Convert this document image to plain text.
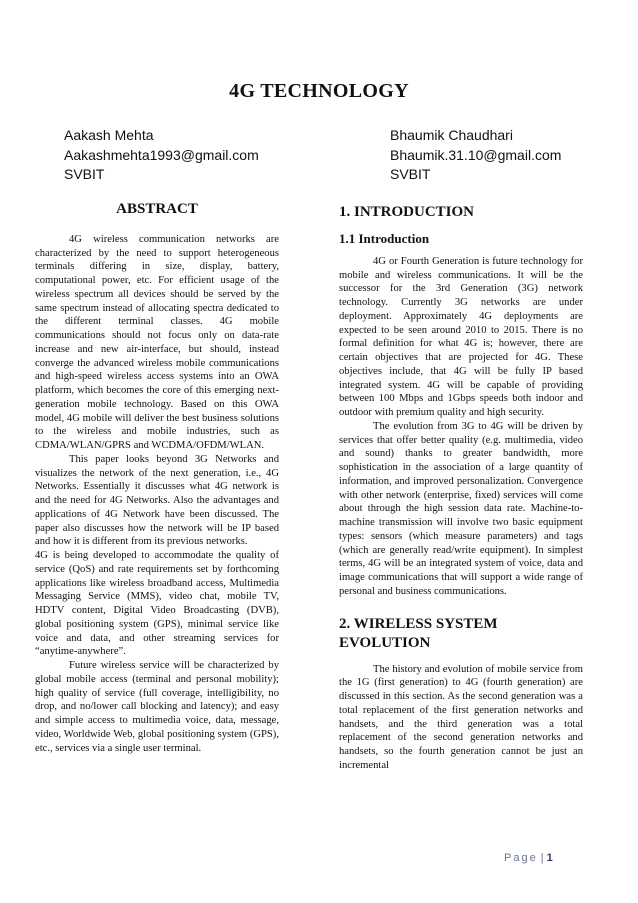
4G TECHNOLOGY
Aakash Mehta
Aakashmehta1993@gmail.com
SVBIT
Bhaumik Chaudhari
Bhaumik.31.10@gmail.com
SVBIT
ABSTRACT

4G wireless communication networks are characterized by the need to support heterogeneous terminals differing in size, display, battery, computational power, etc. For efficient usage of the wireless spectrum all devices should be served by the same spectrum instead of allocating spectra dedicated to the different terminal classes. 4G mobile communications should not focus only on data-rate increase and new air-interface, but should, instead converge the advanced wireless mobile communications and high-speed wireless access systems into an OWA platform, which becomes the core of this emerging next-generation mobile technology. Based on this OWA model, 4G mobile will deliver the best business solutions to the wireless and mobile industries, such as CDMA/WLAN/GPRS and WCDMA/OFDM/WLAN.

This paper looks beyond 3G Networks and visualizes the network of the next generation, i.e., 4G Networks. Essentially it discusses what 4G network is and the need for 4G Networks. Also the advantages and applications of 4G Network have been discussed. The paper also discusses how the network will be IP based and how it is different from its previous networks.

4G is being developed to accommodate the quality of service (QoS) and rate requirements set by forthcoming applications like wireless broadband access, Multimedia Messaging Service (MMS), video chat, mobile TV, HDTV content, Digital Video Broadcasting (DVB), global positioning system (GPS), minimal service like voice and data, and other streaming services for “anytime-anywhere”.

Future wireless service will be characterized by global mobile access (terminal and personal mobility); high quality of service (full coverage, intelligibility, no drop, and no/lower call blocking and latency); and easy and simple access to multimedia voice, data, message, video, Worldwide Web, global positioning system (GPS), etc., services via a single user terminal.

1. INTRODUCTION
1.1 Introduction

4G or Fourth Generation is future technology for mobile and wireless communications. It will be the successor for the 3rd Generation (3G) network technology. Currently 3G networks are under deployment. Approximately 4G deployments are expected to be seen around 2010 to 2015. There is no formal definition for what 4G is; however, there are certain objectives that are projected for 4G. These objectives include, that 4G will be fully IP based integrated system. 4G will be capable of providing between 100 Mbps and 1Gbps speeds both indoor and outdoor with premium quality and high security.

The evolution from 3G to 4G will be driven by services that offer better quality (e.g. multimedia, video and sound) thanks to greater bandwidth, more sophistication in the association of a large quantity of information, and improved personalization. Convergence with other network (enterprise, fixed) services will come about through the high session data rate. Machine-to-machine transmission will involve two basic equipment types: sensors (which measure parameters) and tags (which are generally read/write equipment). In simplest terms, 4G will be an integrated system of voice, data and image communications that will support a wide range of personal and business communications.

2. WIRELESS SYSTEM EVOLUTION

The history and evolution of mobile service from the 1G (first generation) to 4G (fourth generation) are discussed in this section. As the second generation was a total replacement of the first generation networks and handsets, and the third generation was a total replacement of the second generation networks and handsets, so the fourth generation cannot be just an incremental

Page | 1
